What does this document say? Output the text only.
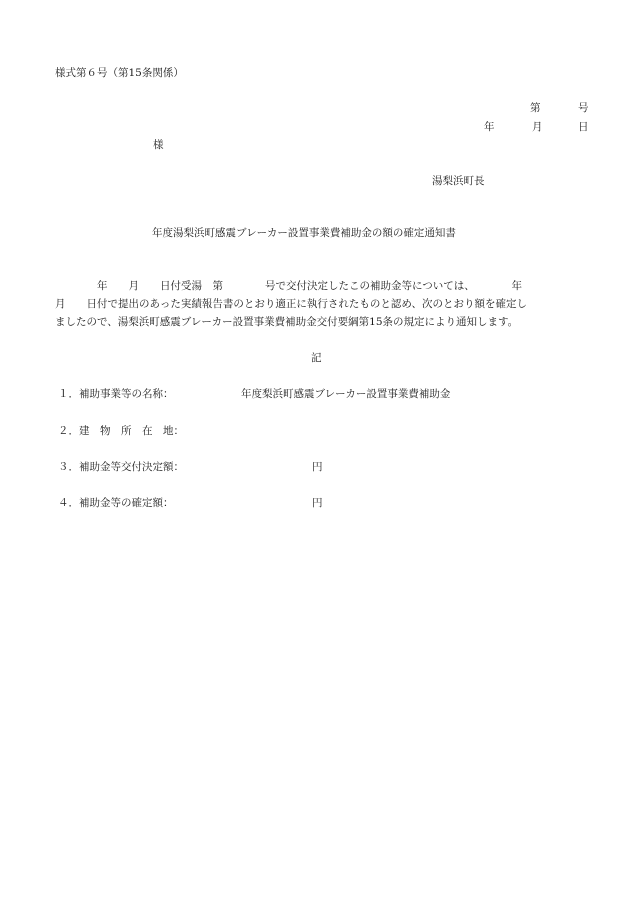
様式第６号（第15条関係）
第	号
年	月	日
様
湯梨浜町長
年度湯梨浜町感震ブレーカー設置事業費補助金の額の確定通知書
　　　　年　　月　　日付受湯　第　　　　号で交付決定したこの補助金等については、　　　　年
月　　日付で提出のあった実績報告書のとおり適正に執行されたものと認め、次のとおり額を確定し
ましたので、湯梨浜町感震ブレーカー設置事業費補助金交付要綱第15条の規定により通知します。
記
１．補助事業等の名称：	年度梨浜町感震ブレーカー設置事業費補助金
２．建　物　所　在　地：
３．補助金等交付決定額：	円
４．補助金等の確定額：	円
